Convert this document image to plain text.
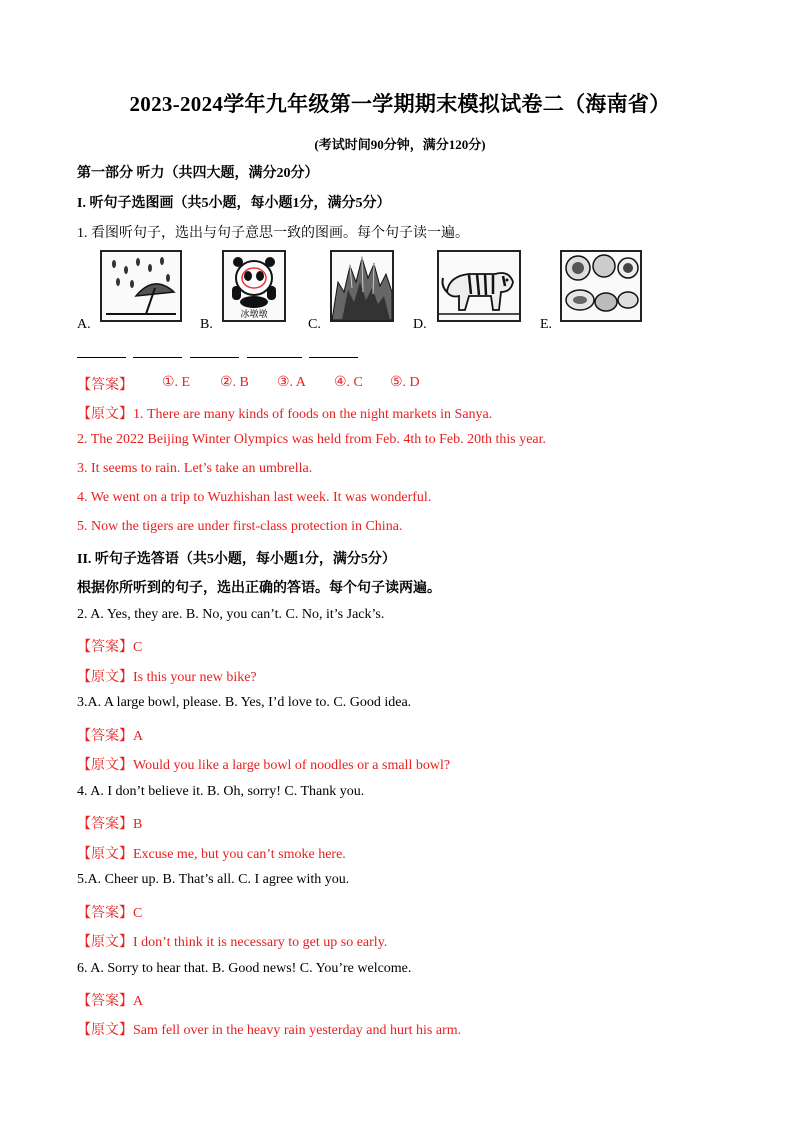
2023-2024学年九年级第一学期期末模拟试卷二（海南省）
(考试时间90分钟，满分120分)
第一部分 听力（共四大题，满分20分）
I. 听句子选图画（共5小题，每小题1分，满分5分）
1. 看图听句子，选出与句子意思一致的图画。每个句子读一遍。
冰墩墩
A.	B.	C.	D.	E.
【答案】 ①. E ②. B ③. A ④. C ⑤. D
【原文】1. There are many kinds of foods on the night markets in Sanya.
2. The 2022 Beijing Winter Olympics was held from Feb. 4th to Feb. 20th this year.
3. It seems to rain. Let’s take an umbrella.
4. We went on a trip to Wuzhishan last week. It was wonderful.
5. Now the tigers are under first-class protection in China.
II. 听句子选答语（共5小题，每小题1分，满分5分）
根据你所听到的句子，选出正确的答语。每个句子读两遍。
2. A. Yes, they are. B. No, you can’t. C. No, it’s Jack’s.
【答案】C
【原文】Is this your new bike?
3.A. A large bowl, please. B. Yes, I’d love to. C. Good idea.
【答案】A
【原文】Would you like a large bowl of noodles or a small bowl?
4. A. I don’t believe it. B. Oh, sorry! C. Thank you.
【答案】B
【原文】Excuse me, but you can’t smoke here.
5.A. Cheer up. B. That’s all. C. I agree with you.
【答案】C
【原文】I don’t think it is necessary to get up so early.
6. A. Sorry to hear that. B. Good news! C. You’re welcome.
【答案】A
【原文】Sam fell over in the heavy rain yesterday and hurt his arm.
